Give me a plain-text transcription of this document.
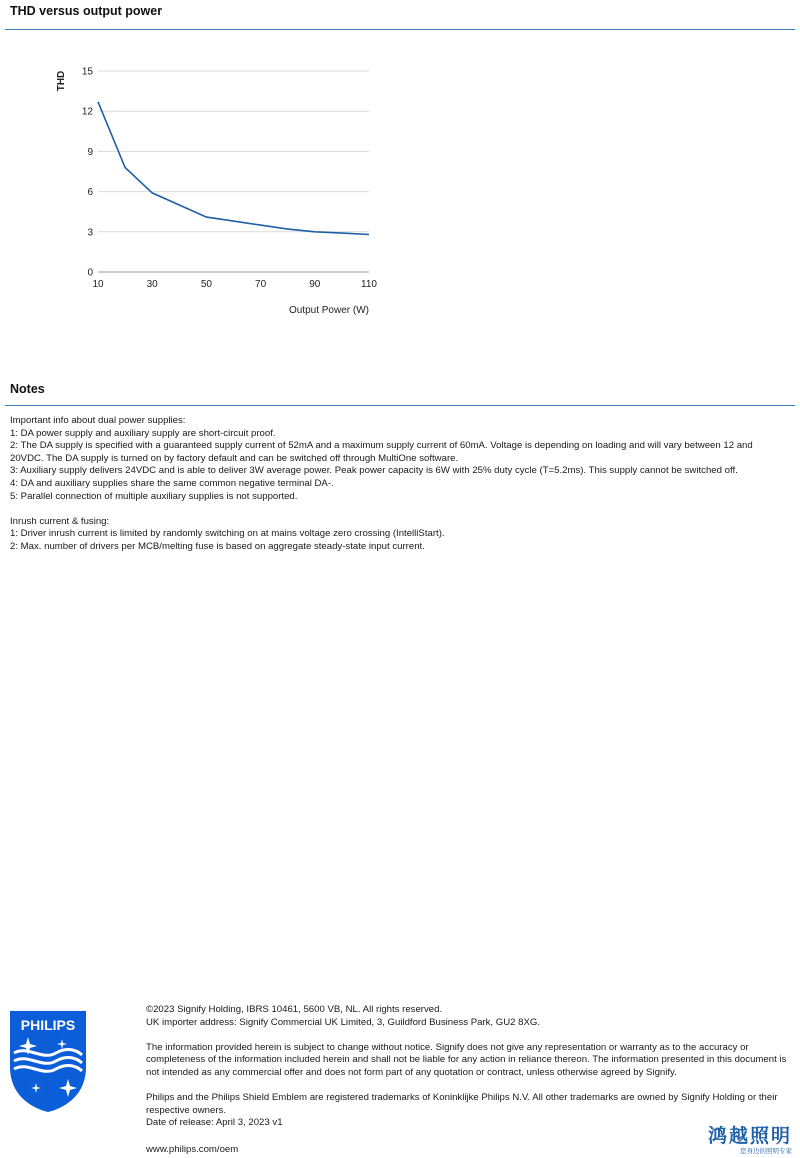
THD versus output power
0
3
6
9
12
15
10	30	50	70	90	110
THD
Output Power (W)
Notes

Important info about dual power supplies:

1: DA power supply and auxiliary supply are short-circuit proof.

2: The DA supply is specified with a guaranteed supply current of 52mA and a maximum supply current of 60mA. Voltage is depending on loading and will vary between 12 and 20VDC. The DA supply is turned on by factory default and can be switched off through MultiOne software.

3: Auxiliary supply delivers 24VDC and is able to deliver 3W average power. Peak power capacity is 6W with 25% duty cycle (T=5.2ms). This supply cannot be switched off.

4: DA and auxiliary supplies share the same common negative terminal DA-.

5: Parallel connection of multiple auxiliary supplies is not supported.

Inrush current & fusing:

1: Driver inrush current is limited by randomly switching on at mains voltage zero crossing (IntelliStart).

2: Max. number of drivers per MCB/melting fuse is based on aggregate steady-state input current.

PHILIPS

©2023 Signify Holding, IBRS 10461, 5600 VB, NL. All rights reserved.

UK importer address: Signify Commercial UK Limited, 3, Guildford Business Park, GU2 8XG.

The information provided herein is subject to change without notice. Signify does not give any representation or warranty as to the accuracy or completeness of the information included herein and shall not be liable for any action in reliance thereon. The information presented in this document is not intended as any commercial offer and does not form part of any quotation or contract, unless otherwise agreed by Signify.

Philips and the Philips Shield Emblem are registered trademarks of Koninklijke Philips N.V. All other trademarks are owned by Signify Holding or their respective owners.

Date of release: April 3, 2023 v1

www.philips.com/oem

鸿越照明
您身边的照明专家
